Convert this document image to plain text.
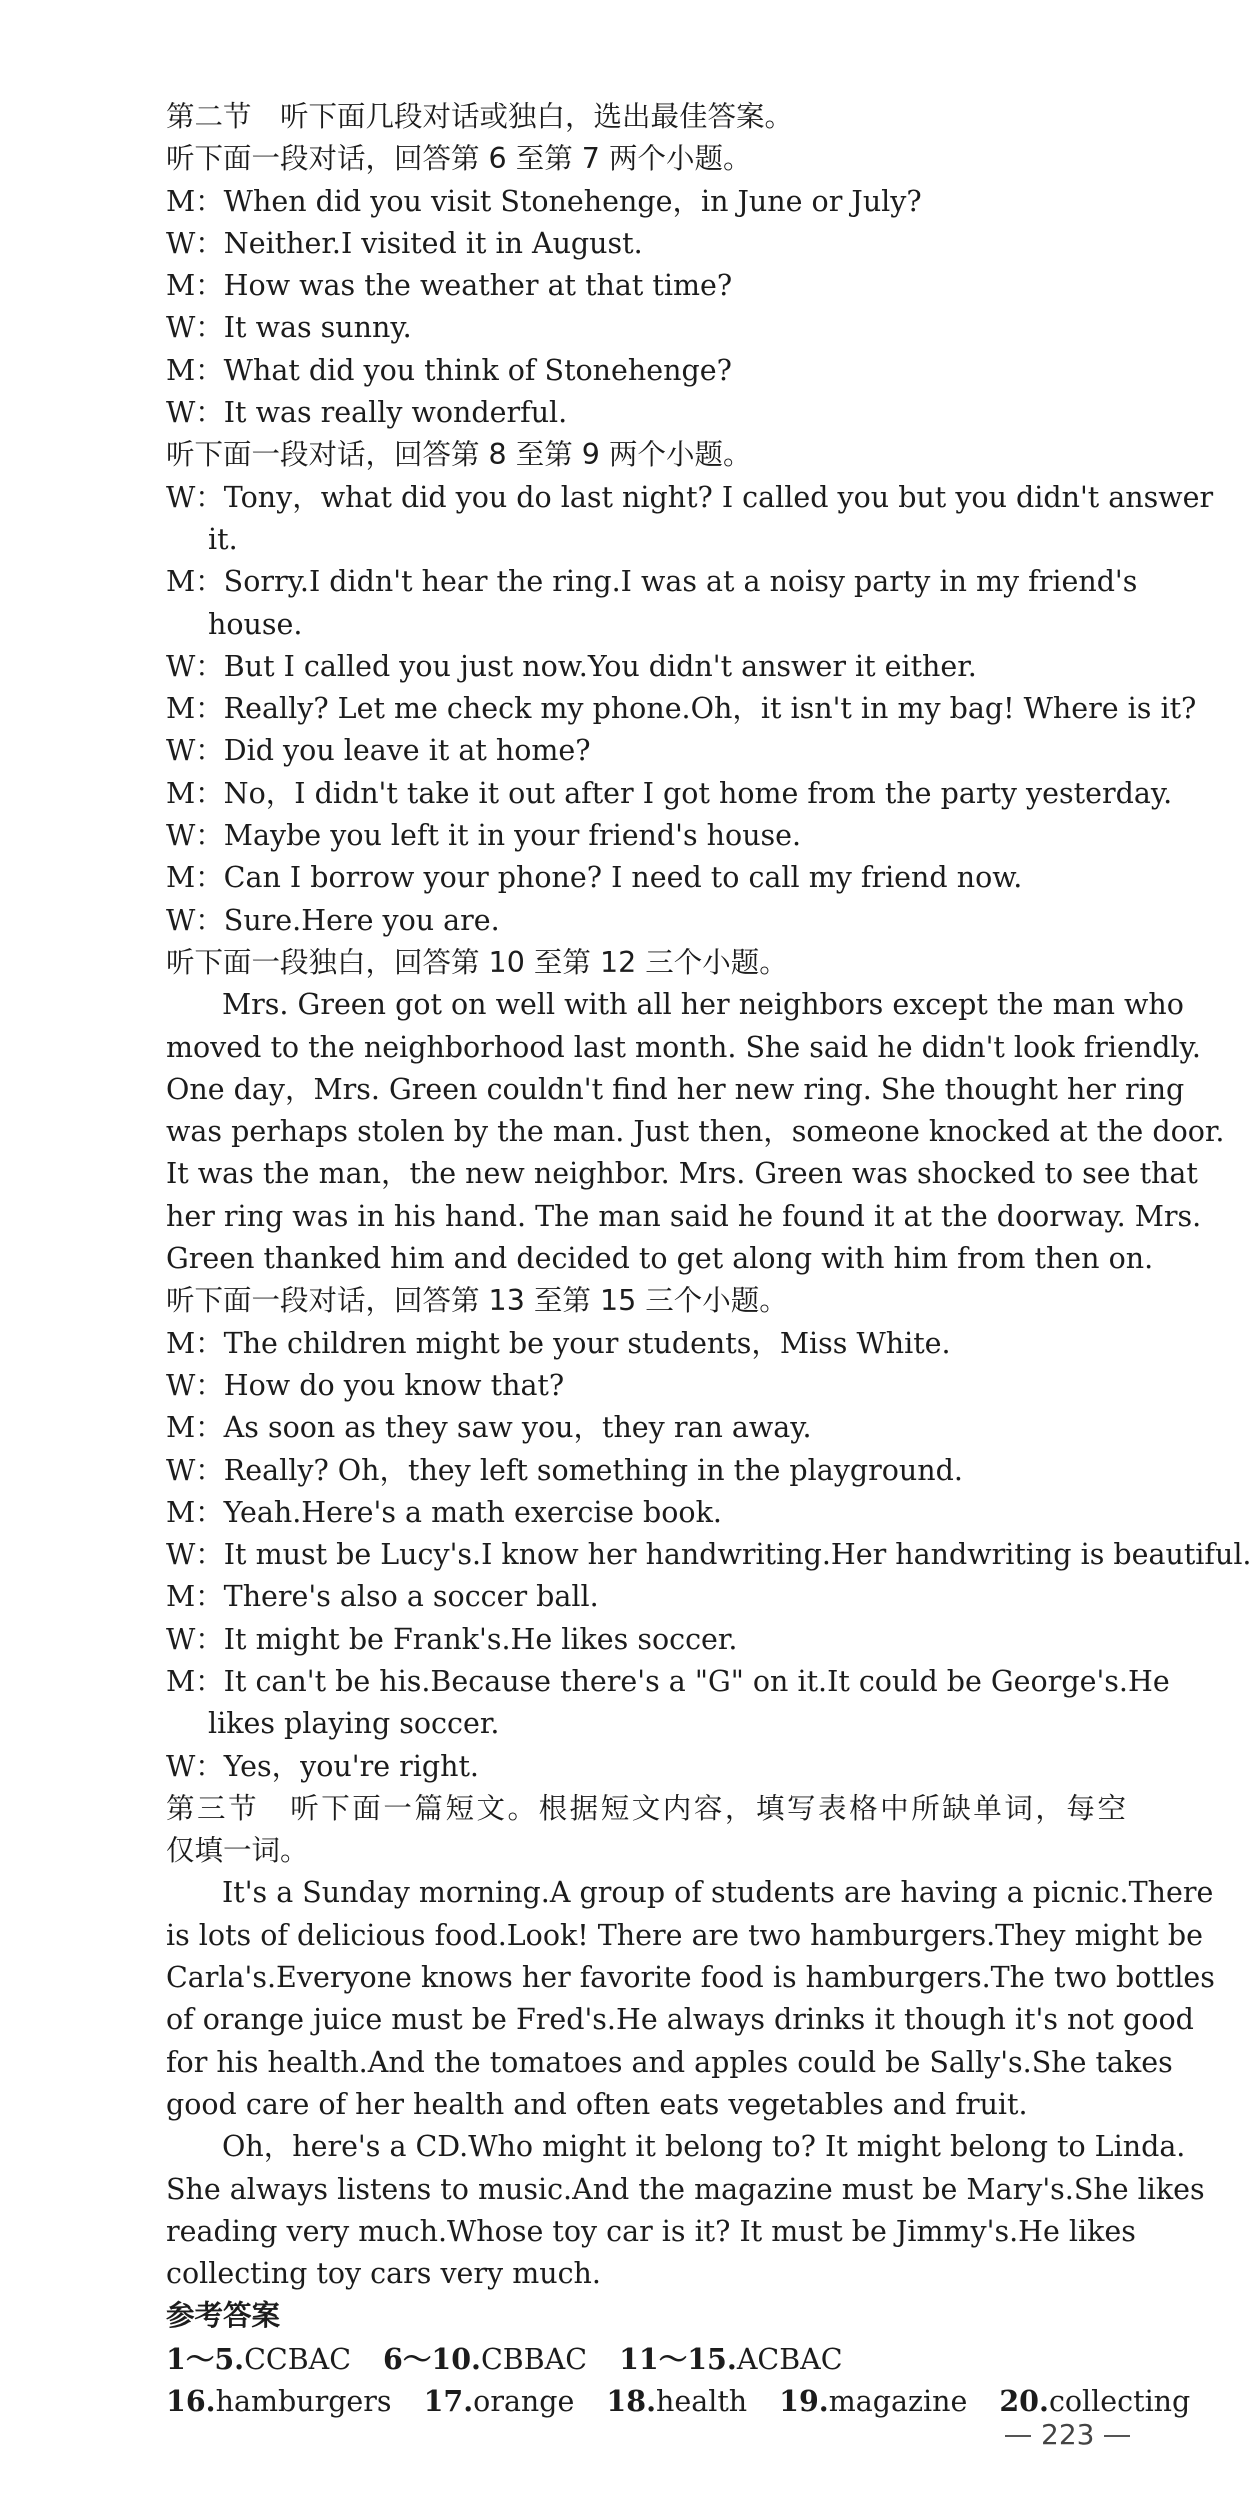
第二节　听下面几段对话或独白，选出最佳答案。
听下面一段对话，回答第 6 至第 7 两个小题。
M：When did you visit Stonehenge，in June or July?
W：Neither.I visited it in August.
M：How was the weather at that time?
W：It was sunny.
M：What did you think of Stonehenge?
W：It was really wonderful.
听下面一段对话，回答第 8 至第 9 两个小题。
W：Tony，what did you do last night? I called you but you didn't answer
it.
M：Sorry.I didn't hear the ring.I was at a noisy party in my friend's
house.
W：But I called you just now.You didn't answer it either.
M：Really? Let me check my phone.Oh，it isn't in my bag! Where is it?
W：Did you leave it at home?
M：No，I didn't take it out after I got home from the party yesterday.
W：Maybe you left it in your friend's house.
M：Can I borrow your phone? I need to call my friend now.
W：Sure.Here you are.
听下面一段独白，回答第 10 至第 12 三个小题。
Mrs. Green got on well with all her neighbors except the man who
moved to the neighborhood last month. She said he didn't look friendly.
One day，Mrs. Green couldn't find her new ring. She thought her ring
was perhaps stolen by the man. Just then，someone knocked at the door.
It was the man，the new neighbor. Mrs. Green was shocked to see that
her ring was in his hand. The man said he found it at the doorway. Mrs.
Green thanked him and decided to get along with him from then on.
听下面一段对话，回答第 13 至第 15 三个小题。
M：The children might be your students，Miss White.
W：How do you know that?
M：As soon as they saw you，they ran away.
W：Really? Oh，they left something in the playground.
M：Yeah.Here's a math exercise book.
W：It must be Lucy's.I know her handwriting.Her handwriting is beautiful.
M：There's also a soccer ball.
W：It might be Frank's.He likes soccer.
M：It can't be his.Because there's a "G" on it.It could be George's.He
likes playing soccer.
W：Yes，you're right.
第三节　听下面一篇短文。根据短文内容，填写表格中所缺单词，每空
仅填一词。
It's a Sunday morning.A group of students are having a picnic.There
is lots of delicious food.Look! There are two hamburgers.They might be
Carla's.Everyone knows her favorite food is hamburgers.The two bottles
of orange juice must be Fred's.He always drinks it though it's not good
for his health.And the tomatoes and apples could be Sally's.She takes
good care of her health and often eats vegetables and fruit.
Oh，here's a CD.Who might it belong to? It might belong to Linda.
She always listens to music.And the magazine must be Mary's.She likes
reading very much.Whose toy car is it? It must be Jimmy's.He likes
collecting toy cars very much.
参考答案
1～5.CCBAC 6～10.CBBAC 11～15.ACBAC
16.hamburgers 17.orange 18.health 19.magazine 20.collecting
223
